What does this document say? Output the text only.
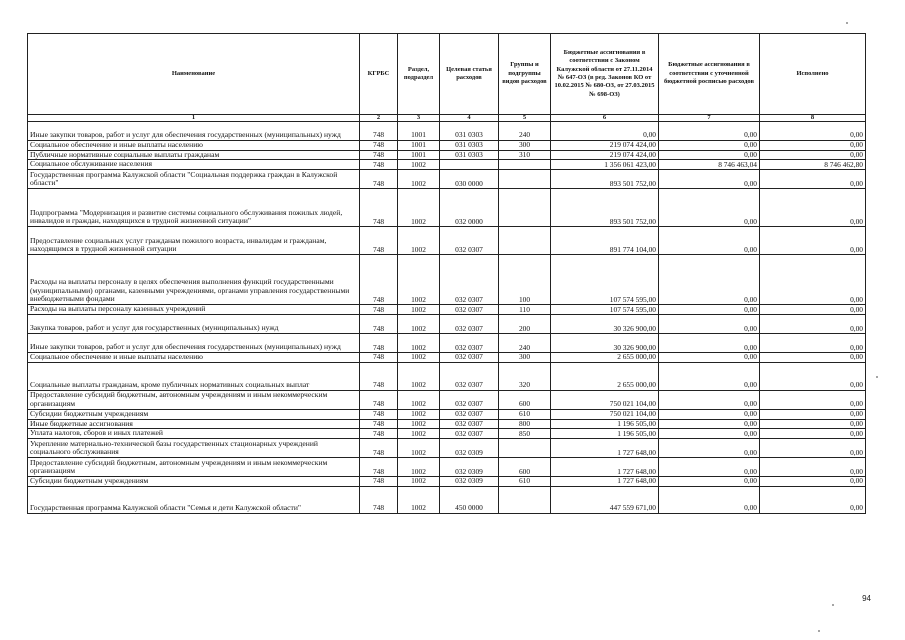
Наименование	КГРБС	Раздел, подраздел	Целевая статья расходов	Группы и подгруппы видов расходов	Бюджетные ассигнования в соответствии с Законом Калужской области от 27.11.2014 № 647-ОЗ (в ред. Законов КО от 10.02.2015 № 680-ОЗ, от 27.03.2015 № 698-ОЗ)	Бюджетные ассигнования в соответствии с уточненной бюджетной росписью расходов	Исполнено
1	2	3	4	5	6	7	8
Иные закупки товаров, работ и услуг для обеспечения государственных (муниципальных) нужд	748	1001	031 0303	240	0,00	0,00	0,00
Социальное обеспечение и иные выплаты населению	748	1001	031 0303	300	219 074 424,00	0,00	0,00
Публичные нормативные социальные выплаты гражданам	748	1001	031 0303	310	219 074 424,00	0,00	0,00
Социальное обслуживание населения	748	1002			1 356 061 423,00	8 746 463,04	8 746 462,80
Государственная программа Калужской области "Социальная поддержка граждан в Калужской области"	748	1002	030 0000		893 501 752,00	0,00	0,00
Подпрограмма "Модернизация и развитие системы социального обслуживания пожилых людей, инвалидов и граждан, находящихся в трудной жизненной ситуации"	748	1002	032 0000		893 501 752,00	0,00	0,00
Предоставление социальных услуг гражданам пожилого возраста, инвалидам и гражданам, находящимся в трудной жизненной ситуации	748	1002	032 0307		891 774 104,00	0,00	0,00
Расходы на выплаты персоналу в целях обеспечения выполнения функций государственными (муниципальными) органами, казенными учреждениями, органами управления государственными внебюджетными фондами	748	1002	032 0307	100	107 574 595,00	0,00	0,00
Расходы на выплаты персоналу казенных учреждений	748	1002	032 0307	110	107 574 595,00	0,00	0,00
Закупка товаров, работ и услуг для государственных (муниципальных) нужд	748	1002	032 0307	200	30 326 900,00	0,00	0,00
Иные закупки товаров, работ и услуг для обеспечения государственных (муниципальных) нужд	748	1002	032 0307	240	30 326 900,00	0,00	0,00
Социальное обеспечение и иные выплаты населению	748	1002	032 0307	300	2 655 000,00	0,00	0,00
Социальные выплаты гражданам, кроме публичных нормативных социальных выплат	748	1002	032 0307	320	2 655 000,00	0,00	0,00
Предоставление субсидий бюджетным, автономным учреждениям и иным некоммерческим организациям	748	1002	032 0307	600	750 021 104,00	0,00	0,00
Субсидии бюджетным учреждениям	748	1002	032 0307	610	750 021 104,00	0,00	0,00
Иные бюджетные ассигнования	748	1002	032 0307	800	1 196 505,00	0,00	0,00
Уплата налогов, сборов и иных платежей	748	1002	032 0307	850	1 196 505,00	0,00	0,00
Укрепление материально-технической базы государственных стационарных учреждений социального обслуживания	748	1002	032 0309		1 727 648,00	0,00	0,00
Предоставление субсидий бюджетным, автономным учреждениям и иным некоммерческим организациям	748	1002	032 0309	600	1 727 648,00	0,00	0,00
Субсидии бюджетным учреждениям	748	1002	032 0309	610	1 727 648,00	0,00	0,00
Государственная программа Калужской области "Семья и дети Калужской области"	748	1002	450 0000		447 559 671,00	0,00	0,00
94
